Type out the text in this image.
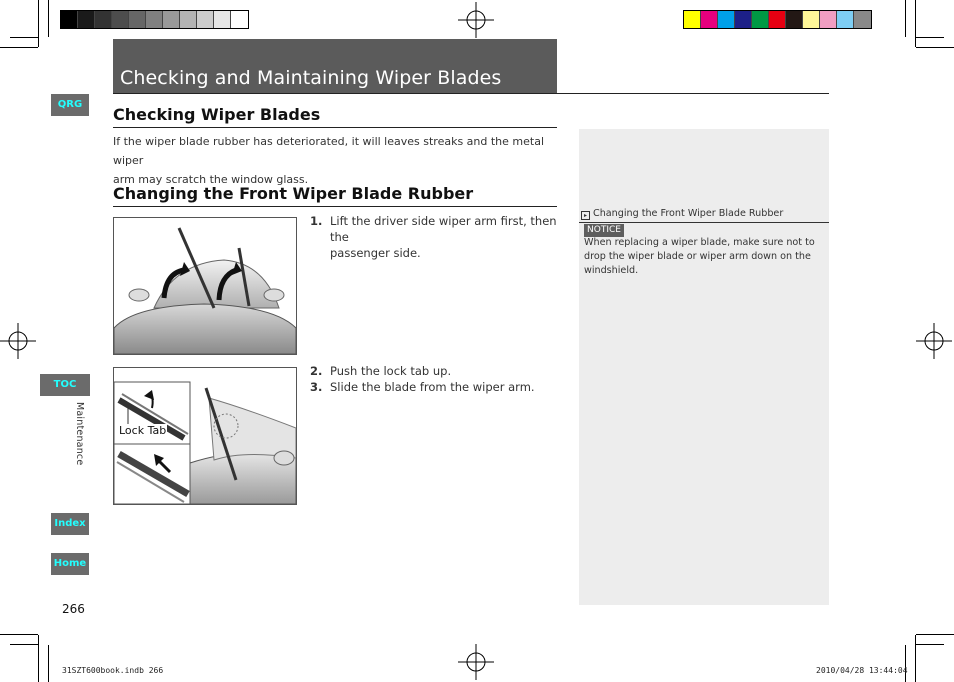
Checking and Maintaining Wiper Blades
QRG
TOC
Maintenance
Index
Home
266
Checking Wiper Blades
If the wiper blade rubber has deteriorated, it will leaves streaks and the metal wiper
arm may scratch the window glass.
Changing the Front Wiper Blade Rubber
1. Lift the driver side wiper arm first, then the
passenger side.
Lock Tab
2. Push the lock tab up.
3. Slide the blade from the wiper arm.
▸ Changing the Front Wiper Blade Rubber
NOTICE
When replacing a wiper blade, make sure not to drop the wiper blade or wiper arm down on the windshield.
31SZT600book.indb 266	2010/04/28 13:44:04
